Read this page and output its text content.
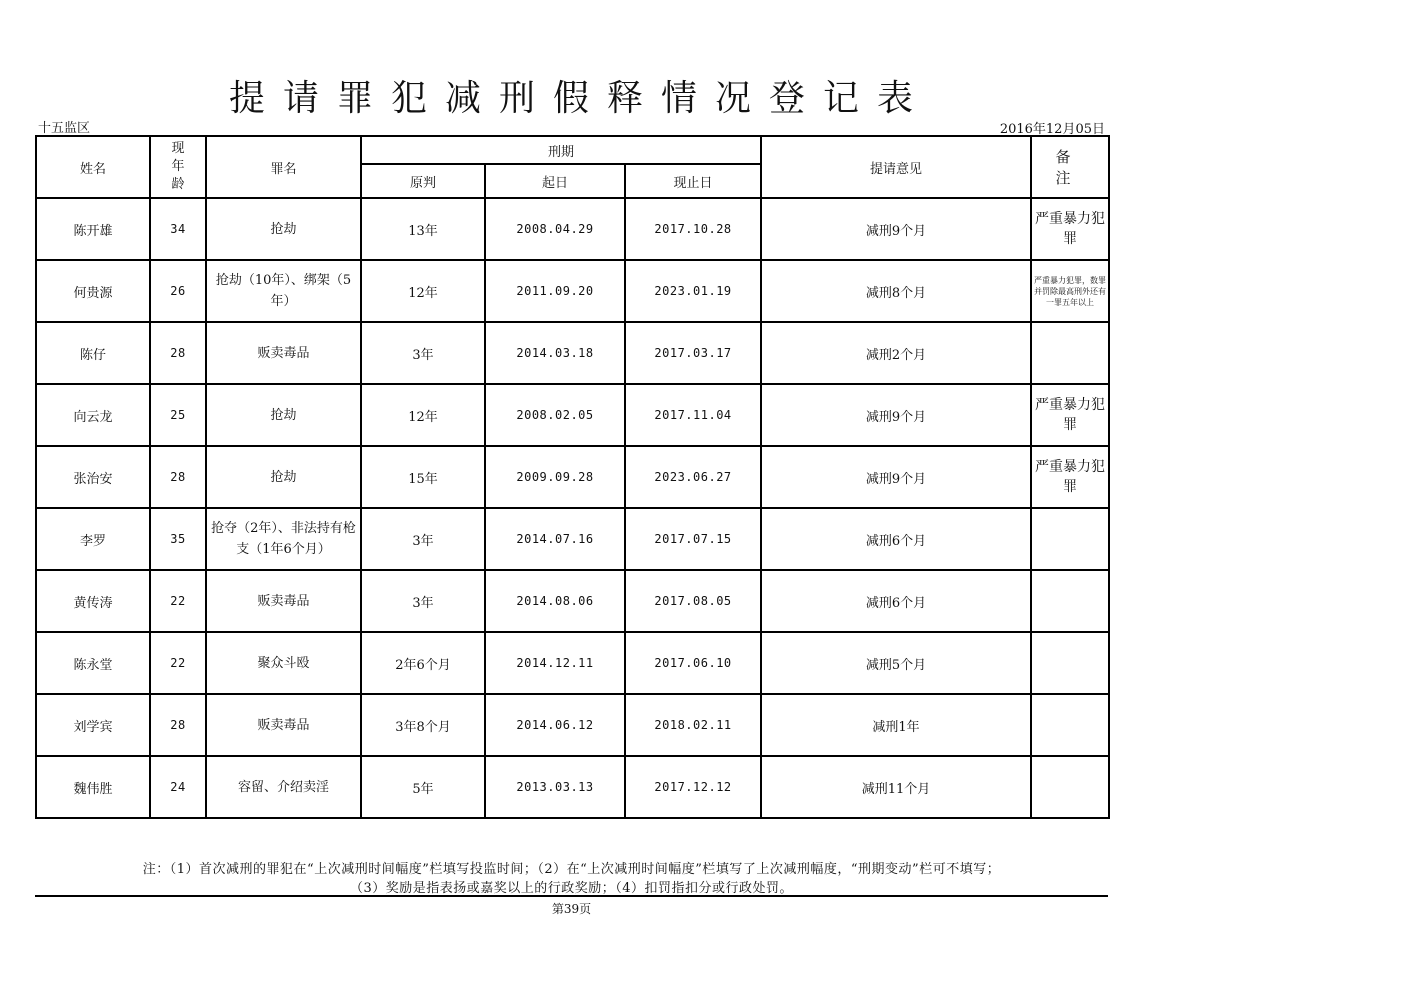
提请罪犯减刑假释情况登记表
十五监区	2016年12月05日
姓名	现年龄	罪名	刑期			提请意见	备 注
			原判	起日	现止日		
陈开雄	34	抢劫	13年	2008.04.29	2017.10.28	减刑9个月	严重暴力犯罪
何贵源	26	抢劫（10年）、绑架（5年）	12年	2011.09.20	2023.01.19	减刑8个月	严重暴力犯罪，数罪并罚除最高刑外还有一罪五年以上
陈仔	28	贩卖毒品	3年	2014.03.18	2017.03.17	减刑2个月	
向云龙	25	抢劫	12年	2008.02.05	2017.11.04	减刑9个月	严重暴力犯罪
张治安	28	抢劫	15年	2009.09.28	2023.06.27	减刑9个月	严重暴力犯罪
李罗	35	抢夺（2年）、非法持有枪支（1年6个月）	3年	2014.07.16	2017.07.15	减刑6个月	
黄传涛	22	贩卖毒品	3年	2014.08.06	2017.08.05	减刑6个月	
陈永堂	22	聚众斗殴	2年6个月	2014.12.11	2017.06.10	减刑5个月	
刘学宾	28	贩卖毒品	3年8个月	2014.06.12	2018.02.11	减刑1年	
魏伟胜	24	容留、介绍卖淫	5年	2013.03.13	2017.12.12	减刑11个月	
注：（1）首次减刑的罪犯在“上次减刑时间幅度”栏填写投监时间；（2）在“上次减刑时间幅度”栏填写了上次减刑幅度，“刑期变动”栏可不填写；
（3）奖励是指表扬或嘉奖以上的行政奖励；（4）扣罚指扣分或行政处罚。
第39页
